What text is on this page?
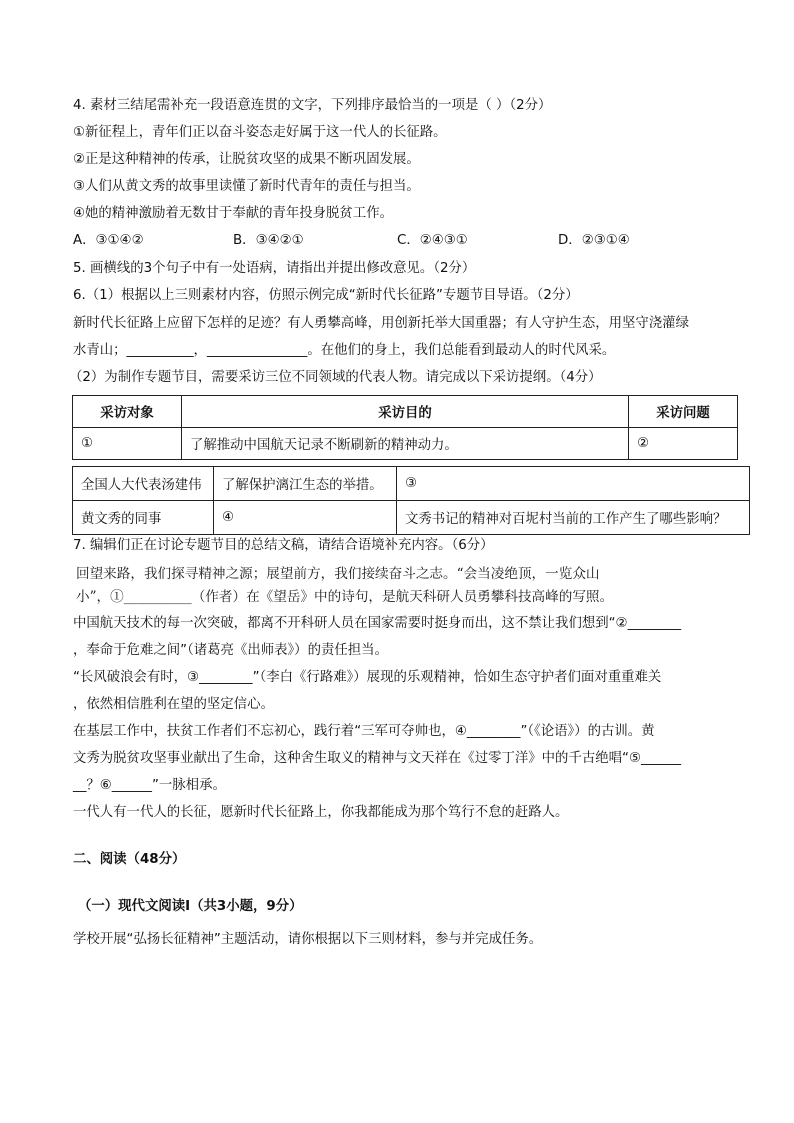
4. 素材三结尾需补充一段语意连贯的文字，下列排序最恰当的一项是（ ）（2分）
①新征程上，青年们正以奋斗姿态走好属于这一代人的长征路。
②正是这种精神的传承，让脱贫攻坚的成果不断巩固发展。
③人们从黄文秀的故事里读懂了新时代青年的责任与担当。
④她的精神激励着无数甘于奉献的青年投身脱贫工作。
A．③①④②	B．③④②①	C．②④③①	D．②③①④
5. 画横线的3个句子中有一处语病，请指出并提出修改意见。（2分）
6.（1）根据以上三则素材内容，仿照示例完成“新时代长征路”专题节目导语。（2分）
新时代长征路上应留下怎样的足迹？有人勇攀高峰，用创新托举大国重器；有人守护生态，用坚守浇灌绿
水青山；__________，_______________。在他们的身上，我们总能看到最动人的时代风采。
（2）为制作专题节目，需要采访三位不同领域的代表人物。请完成以下采访提纲。（4分）
采访对象	采访目的	采访问题
①	了解推动中国航天记录不断刷新的精神动力。	②
全国人大代表汤建伟	了解保护漓江生态的举措。	③
黄文秀的同事	④	文秀书记的精神对百坭村当前的工作产生了哪些影响？
7. 编辑们正在讨论专题节目的总结文稿，请结合语境补充内容。（6分）
回望来路，我们探寻精神之源；展望前方，我们接续奋斗之志。“会当凌绝顶，一览众山
小”，①__________（作者）在《望岳》中的诗句，是航天科研人员勇攀科技高峰的写照。
中国航天技术的每一次突破，都离不开科研人员在国家需要时挺身而出，这不禁让我们想到“②________
，奉命于危难之间”（诸葛亮《出师表》）的责任担当。
“长风破浪会有时，③________”（李白《行路难》）展现的乐观精神，恰如生态守护者们面对重重难关
，依然相信胜利在望的坚定信心。
在基层工作中，扶贫工作者们不忘初心，践行着“三军可夺帅也，④________”（《论语》）的古训。黄
文秀为脱贫攻坚事业献出了生命，这种舍生取义的精神与文天祥在《过零丁洋》中的千古绝唱“⑤______
__？⑥______”一脉相承。
一代人有一代人的长征，愿新时代长征路上，你我都能成为那个笃行不怠的赶路人。
二、阅读（48分）
（一）现代文阅读Ⅰ（共3小题，9分）
学校开展“弘扬长征精神”主题活动，请你根据以下三则材料，参与并完成任务。
